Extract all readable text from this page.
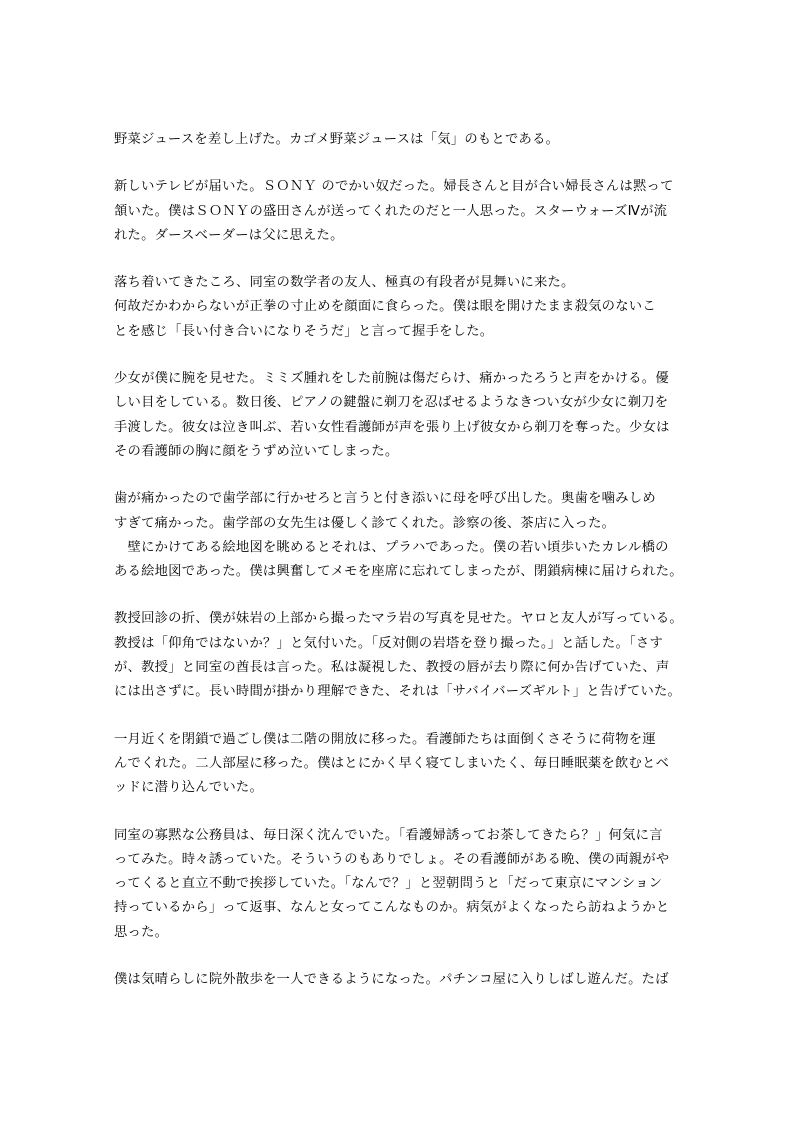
野菜ジュースを差し上げた。カゴメ野菜ジュースは「気」のもとである。
新しいテレビが届いた。ＳＯＮＹ のでかい奴だった。婦長さんと目が合い婦長さんは黙って
頷いた。僕はＳＯＮＹの盛田さんが送ってくれたのだと一人思った。スターウォーズⅣが流
れた。ダースベーダーは父に思えた。
落ち着いてきたころ、同室の数学者の友人、極真の有段者が見舞いに来た。
何故だかわからないが正拳の寸止めを顔面に食らった。僕は眼を開けたまま殺気のないこ
とを感じ「長い付き合いになりそうだ」と言って握手をした。
少女が僕に腕を見せた。ミミズ腫れをした前腕は傷だらけ、痛かったろうと声をかける。優
しい目をしている。数日後、ピアノの鍵盤に剃刀を忍ばせるようなきつい女が少女に剃刀を
手渡した。彼女は泣き叫ぶ、若い女性看護師が声を張り上げ彼女から剃刀を奪った。少女は
その看護師の胸に顔をうずめ泣いてしまった。
歯が痛かったので歯学部に行かせろと言うと付き添いに母を呼び出した。奥歯を噛みしめ
すぎて痛かった。歯学部の女先生は優しく診てくれた。診察の後、茶店に入った。
　壁にかけてある絵地図を眺めるとそれは、プラハであった。僕の若い頃歩いたカレル橋の
ある絵地図であった。僕は興奮してメモを座席に忘れてしまったが、閉鎖病棟に届けられた。
教授回診の折、僕が妹岩の上部から撮ったマラ岩の写真を見せた。ヤロと友人が写っている。
教授は「仰角ではないか？」と気付いた。「反対側の岩塔を登り撮った。」と話した。「さす
が、教授」と同室の酋長は言った。私は凝視した、教授の唇が去り際に何か告げていた、声
には出さずに。長い時間が掛かり理解できた、それは「サバイバーズギルト」と告げていた。
一月近くを閉鎖で過ごし僕は二階の開放に移った。看護師たちは面倒くさそうに荷物を運
んでくれた。二人部屋に移った。僕はとにかく早く寝てしまいたく、毎日睡眠薬を飲むとベ
ッドに潜り込んでいた。
同室の寡黙な公務員は、毎日深く沈んでいた。「看護婦誘ってお茶してきたら？」何気に言
ってみた。時々誘っていた。そういうのもありでしょ。その看護師がある晩、僕の両親がや
ってくると直立不動で挨拶していた。「なんで？」と翌朝問うと「だって東京にマンション
持っているから」って返事、なんと女ってこんなものか。病気がよくなったら訪ねようかと
思った。
僕は気晴らしに院外散歩を一人できるようになった。パチンコ屋に入りしばし遊んだ。たば
